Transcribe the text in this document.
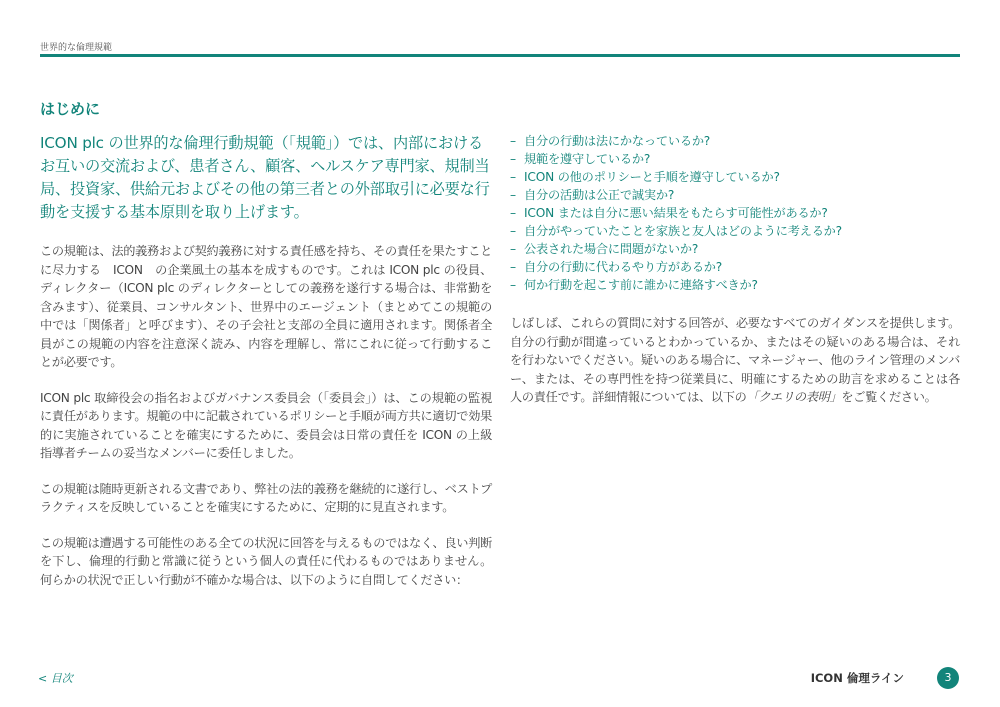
世界的な倫理規範
はじめに

ICON plc の世界的な倫理行動規範（「規範」）では、内部におけるお互いの交流および、患者さん、顧客、ヘルスケア専門家、規制当局、投資家、供給元およびその他の第三者との外部取引に必要な行動を支援する基本原則を取り上げます。

この規範は、法的義務および契約義務に対する責任感を持ち、その責任を果たすことに尽力する　ICON　の企業風土の基本を成すものです。これは ICON plc の役員、ディレクター（ICON plc のディレクターとしての義務を遂行する場合は、非常勤を含みます）、従業員、コンサルタント、世界中のエージェント（まとめてこの規範の中では「関係者」と呼びます）、その子会社と支部の全員に適用されます。関係者全員がこの規範の内容を注意深く読み、内容を理解し、常にこれに従って行動することが必要です。

ICON plc 取締役会の指名およびガバナンス委員会（「委員会」）は、この規範の監視に責任があります。規範の中に記載されているポリシーと手順が両方共に適切で効果的に実施されていることを確実にするために、委員会は日常の責任を ICON の上級指導者チームの妥当なメンバーに委任しました。

この規範は随時更新される文書であり、弊社の法的義務を継続的に遂行し、ベストプラクティスを反映していることを確実にするために、定期的に見直されます。

この規範は遭遇する可能性のある全ての状況に回答を与えるものではなく、良い判断を下し、倫理的行動と常識に従うという個人の責任に代わるものではありません。何らかの状況で正しい行動が不確かな場合は、以下のように自問してください：

– 自分の行動は法にかなっているか?
– 規範を遵守しているか?
– ICON の他のポリシーと手順を遵守しているか?
– 自分の活動は公正で誠実か?
– ICON または自分に悪い結果をもたらす可能性があるか?
– 自分がやっていたことを家族と友人はどのように考えるか?
– 公表された場合に問題がないか?
– 自分の行動に代わるやり方があるか?
– 何か行動を起こす前に誰かに連絡すべきか?

しばしば、これらの質問に対する回答が、必要なすべてのガイダンスを提供します。自分の行動が間違っているとわかっているか、またはその疑いのある場合は、それを行わないでください。疑いのある場合に、マネージャー、他のライン管理のメンバー、または、その専門性を持つ従業員に、明確にするための助言を求めることは各人の責任です。詳細情報については、以下の「クエリの表明」をご覧ください。

< 目次	ICON 倫理ライン	3
